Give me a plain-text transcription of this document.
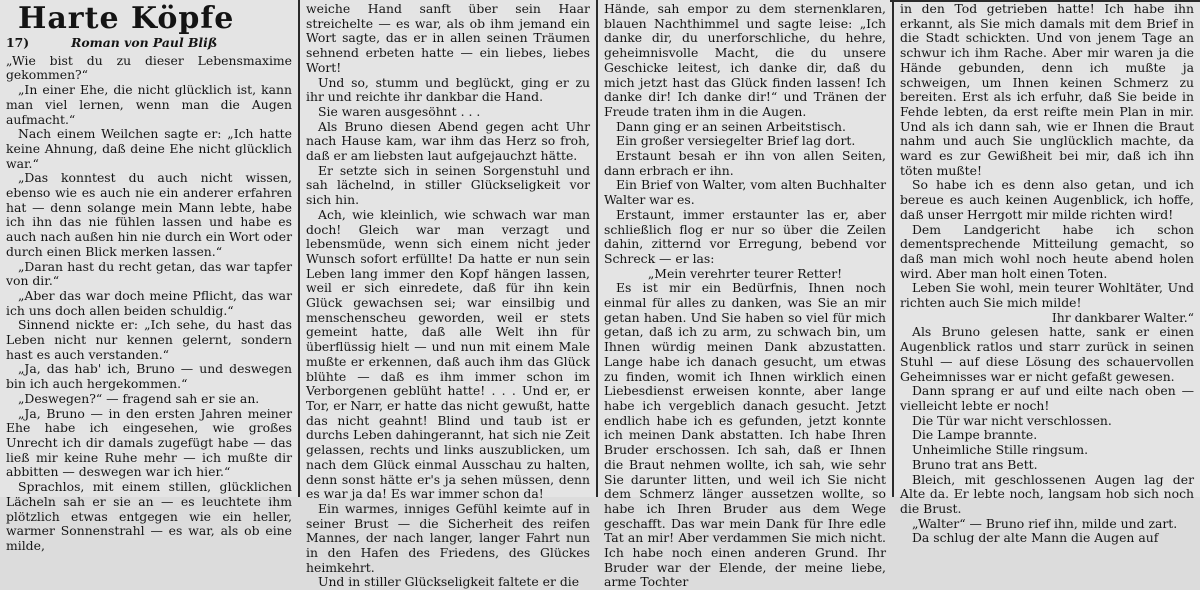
Harte Köpfe

17)	Roman von Paul Bliß

„Wie bist du zu dieser Lebensmaxime gekommen?“

„In einer Ehe, die nicht glücklich ist, kann man viel lernen, wenn man die Augen aufmacht.“

Nach einem Weilchen sagte er: „Ich hatte keine Ahnung, daß deine Ehe nicht glücklich war.“

„Das konntest du auch nicht wissen, ebenso wie es auch nie ein anderer erfahren hat — denn solange mein Mann lebte, habe ich ihn das nie fühlen lassen und habe es auch nach außen hin nie durch ein Wort oder durch einen Blick merken lassen.“

„Daran hast du recht getan, das war tapfer von dir.“

„Aber das war doch meine Pflicht, das war ich uns doch allen beiden schuldig.“

Sinnend nickte er: „Ich sehe, du hast das Leben nicht nur kennen gelernt, sondern hast es auch verstanden.“

„Ja, das hab' ich, Bruno — und deswegen bin ich auch hergekommen.“

„Deswegen?“ — fragend sah er sie an.

„Ja, Bruno — in den ersten Jahren meiner Ehe habe ich eingesehen, wie großes Unrecht ich dir damals zugefügt habe — das ließ mir keine Ruhe mehr — ich mußte dir abbitten — deswegen war ich hier.“

Sprachlos, mit einem stillen, glücklichen Lächeln sah er sie an — es leuchtete ihm plötzlich etwas entgegen wie ein heller, warmer Sonnenstrahl — es war, als ob eine milde,

weiche Hand sanft über sein Haar streichelte — es war, als ob ihm jemand ein Wort sagte, das er in allen seinen Träumen sehnend erbeten hatte — ein liebes, liebes Wort!

Und so, stumm und beglückt, ging er zu ihr und reichte ihr dankbar die Hand.

Sie waren ausgesöhnt . . .

Als Bruno diesen Abend gegen acht Uhr nach Hause kam, war ihm das Herz so froh, daß er am liebsten laut aufgejauchzt hätte.

Er setzte sich in seinen Sorgenstuhl und sah lächelnd, in stiller Glückseligkeit vor sich hin.

Ach, wie kleinlich, wie schwach war man doch! Gleich war man verzagt und lebensmüde, wenn sich einem nicht jeder Wunsch sofort erfüllte! Da hatte er nun sein Leben lang immer den Kopf hängen lassen, weil er sich einredete, daß für ihn kein Glück gewachsen sei; war einsilbig und menschenscheu geworden, weil er stets gemeint hatte, daß alle Welt ihn für überflüssig hielt — und nun mit einem Male mußte er erkennen, daß auch ihm das Glück blühte — daß es ihm immer schon im Verborgenen geblüht hatte! . . . Und er, er Tor, er Narr, er hatte das nicht gewußt, hatte das nicht geahnt! Blind und taub ist er durchs Leben dahingerannt, hat sich nie Zeit gelassen, rechts und links auszublicken, um nach dem Glück einmal Ausschau zu halten, denn sonst hätte er's ja sehen müssen, denn es war ja da! Es war immer schon da!

Ein warmes, inniges Gefühl keimte auf in seiner Brust — die Sicherheit des reifen Mannes, der nach langer, langer Fahrt nun in den Hafen des Friedens, des Glückes heimkehrt.

Und in stiller Glückseligkeit faltete er die

Hände, sah empor zu dem sternenklaren, blauen Nachthimmel und sagte leise: „Ich danke dir, du unerforschliche, du hehre, geheimnisvolle Macht, die du unsere Geschicke leitest, ich danke dir, daß du mich jetzt hast das Glück finden lassen! Ich danke dir! Ich danke dir!“ und Tränen der Freude traten ihm in die Augen.

Dann ging er an seinen Arbeitstisch.

Ein großer versiegelter Brief lag dort.

Erstaunt besah er ihn von allen Seiten, dann erbrach er ihn.

Ein Brief von Walter, vom alten Buchhalter Walter war es.

Erstaunt, immer erstaunter las er, aber schließlich flog er nur so über die Zeilen dahin, zitternd vor Erregung, bebend vor Schreck — er las:

„Mein verehrter teurer Retter!

Es ist mir ein Bedürfnis, Ihnen noch einmal für alles zu danken, was Sie an mir getan haben. Und Sie haben so viel für mich getan, daß ich zu arm, zu schwach bin, um Ihnen würdig meinen Dank abzustatten. Lange habe ich danach gesucht, um etwas zu finden, womit ich Ihnen wirklich einen Liebesdienst erweisen konnte, aber lange habe ich vergeblich danach gesucht. Jetzt endlich habe ich es gefunden, jetzt konnte ich meinen Dank abstatten. Ich habe Ihren Bruder erschossen. Ich sah, daß er Ihnen die Braut nehmen wollte, ich sah, wie sehr Sie darunter litten, und weil ich Sie nicht dem Schmerz länger aussetzen wollte, so habe ich Ihren Bruder aus dem Wege geschafft. Das war mein Dank für Ihre edle Tat an mir! Aber verdammen Sie mich nicht. Ich habe noch einen anderen Grund. Ihr Bruder war der Elende, der meine liebe, arme Tochter

in den Tod getrieben hatte! Ich habe ihn erkannt, als Sie mich damals mit dem Brief in die Stadt schickten. Und von jenem Tage an schwur ich ihm Rache. Aber mir waren ja die Hände gebunden, denn ich mußte ja schweigen, um Ihnen keinen Schmerz zu bereiten. Erst als ich erfuhr, daß Sie beide in Fehde lebten, da erst reifte mein Plan in mir. Und als ich dann sah, wie er Ihnen die Braut nahm und auch Sie unglücklich machte, da ward es zur Gewißheit bei mir, daß ich ihn töten mußte!

So habe ich es denn also getan, und ich bereue es auch keinen Augenblick, ich hoffe, daß unser Herrgott mir milde richten wird!

Dem Landgericht habe ich schon dementsprechende Mitteilung gemacht, so daß man mich wohl noch heute abend holen wird. Aber man holt einen Toten.

Leben Sie wohl, mein teurer Wohltäter, Und richten auch Sie mich milde!

Ihr dankbarer Walter.“

Als Bruno gelesen hatte, sank er einen Augenblick ratlos und starr zurück in seinen Stuhl — auf diese Lösung des schauervollen Geheimnisses war er nicht gefaßt gewesen.

Dann sprang er auf und eilte nach oben — vielleicht lebte er noch!

Die Tür war nicht verschlossen.

Die Lampe brannte.

Unheimliche Stille ringsum.

Bruno trat ans Bett.

Bleich, mit geschlossenen Augen lag der Alte da. Er lebte noch, langsam hob sich noch die Brust.

„Walter“ — Bruno rief ihn, milde und zart.

Da schlug der alte Mann die Augen auf
